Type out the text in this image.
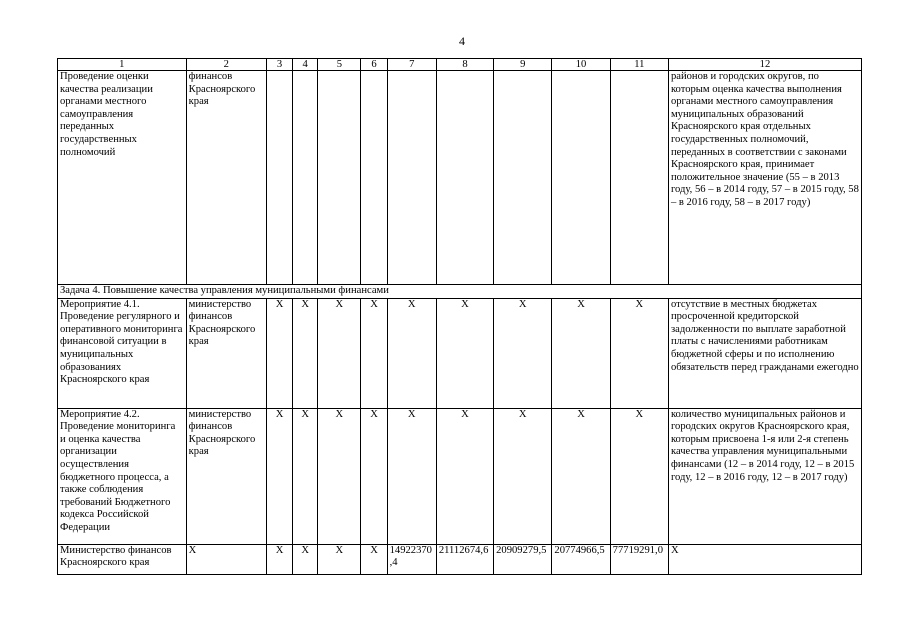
4
1	2	3	4	5	6	7	8	9	10	11	12
Проведение оценки качества реализации органами местного самоуправления переданных государственных полномочий	финансов Красноярского края										районов и городских округов, по которым оценка качества выполнения органами местного самоуправления муниципальных образований Красноярского края отдельных государственных полномочий, переданных в соответствии с законами Красноярского края, принимает положительное значение (55 – в 2013 году, 56 – в 2014 году, 57 – в 2015 году, 58 – в 2016 году, 58 – в 2017 году)
Задача 4. Повышение качества управления муниципальными финансами											
Мероприятие 4.1. Проведение регулярного и оперативного мониторинга финансовой ситуации в муниципальных образованиях Красноярского края	министерство финансов Красноярского края	Х	Х	Х	Х	Х	Х	Х	Х	Х	отсутствие в местных бюджетах просроченной кредиторской задолженности по выплате заработной платы с начислениями работникам бюджетной сферы и по исполнению обязательств перед гражданами ежегодно
Мероприятие 4.2. Проведение мониторинга и оценка качества организации осуществления бюджетного процесса, а также соблюдения требований Бюджетного кодекса Российской Федерации	министерство финансов Красноярского края	Х	Х	Х	Х	Х	Х	Х	Х	Х	количество муниципальных районов и городских округов Красноярского края, которым присвоена 1-я или 2-я степень качества управления муниципальными финансами (12 – в 2014 году, 12 – в 2015 году, 12 – в 2016 году, 12 – в 2017 году)
Министерство финансов Красноярского края	Х	Х	Х	Х	Х	14922370,4	21112674,6	20909279,5	20774966,5	77719291,0	Х
